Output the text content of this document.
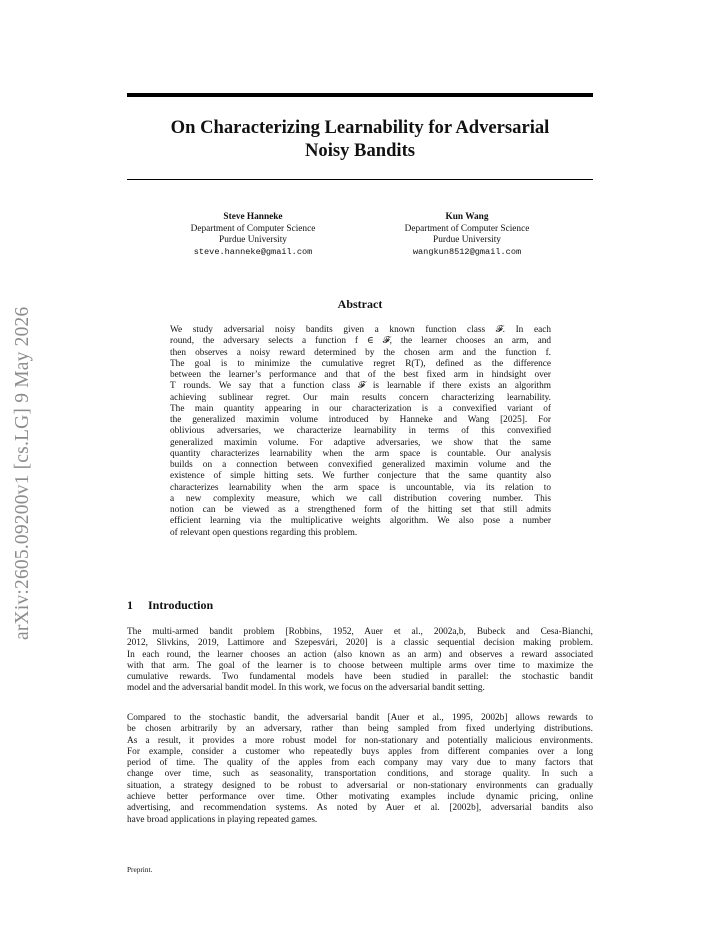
arXiv:2605.09200v1 [cs.LG] 9 May 2026
On Characterizing Learnability for Adversarial
Noisy Bandits
Steve Hanneke
Department of Computer Science
Purdue University
steve.hanneke@gmail.com
Kun Wang
Department of Computer Science
Purdue University
wangkun8512@gmail.com
Abstract
We study adversarial noisy bandits given a known function class 𝓕. In each
round, the adversary selects a function f ∈ 𝓕, the learner chooses an arm, and
then observes a noisy reward determined by the chosen arm and the function f.
The goal is to minimize the cumulative regret R(T), defined as the difference
between the learner’s performance and that of the best fixed arm in hindsight over
T rounds. We say that a function class 𝓕 is learnable if there exists an algorithm
achieving sublinear regret. Our main results concern characterizing learnability.
The main quantity appearing in our characterization is a convexified variant of
the generalized maximin volume introduced by Hanneke and Wang [2025]. For
oblivious adversaries, we characterize learnability in terms of this convexified
generalized maximin volume. For adaptive adversaries, we show that the same
quantity characterizes learnability when the arm space is countable. Our analysis
builds on a connection between convexified generalized maximin volume and the
existence of simple hitting sets. We further conjecture that the same quantity also
characterizes learnability when the arm space is uncountable, via its relation to
a new complexity measure, which we call distribution covering number. This
notion can be viewed as a strengthened form of the hitting set that still admits
efficient learning via the multiplicative weights algorithm. We also pose a number
of relevant open questions regarding this problem.
1 Introduction
The multi-armed bandit problem [Robbins, 1952, Auer et al., 2002a,b, Bubeck and Cesa-Bianchi,
2012, Slivkins, 2019, Lattimore and Szepesvári, 2020] is a classic sequential decision making problem.
In each round, the learner chooses an action (also known as an arm) and observes a reward associated
with that arm. The goal of the learner is to choose between multiple arms over time to maximize the
cumulative rewards. Two fundamental models have been studied in parallel: the stochastic bandit
model and the adversarial bandit model. In this work, we focus on the adversarial bandit setting.
Compared to the stochastic bandit, the adversarial bandit [Auer et al., 1995, 2002b] allows rewards to
be chosen arbitrarily by an adversary, rather than being sampled from fixed underlying distributions.
As a result, it provides a more robust model for non-stationary and potentially malicious environments.
For example, consider a customer who repeatedly buys apples from different companies over a long
period of time. The quality of the apples from each company may vary due to many factors that
change over time, such as seasonality, transportation conditions, and storage quality. In such a
situation, a strategy designed to be robust to adversarial or non-stationary environments can gradually
achieve better performance over time. Other motivating examples include dynamic pricing, online
advertising, and recommendation systems. As noted by Auer et al. [2002b], adversarial bandits also
have broad applications in playing repeated games.
Preprint.
